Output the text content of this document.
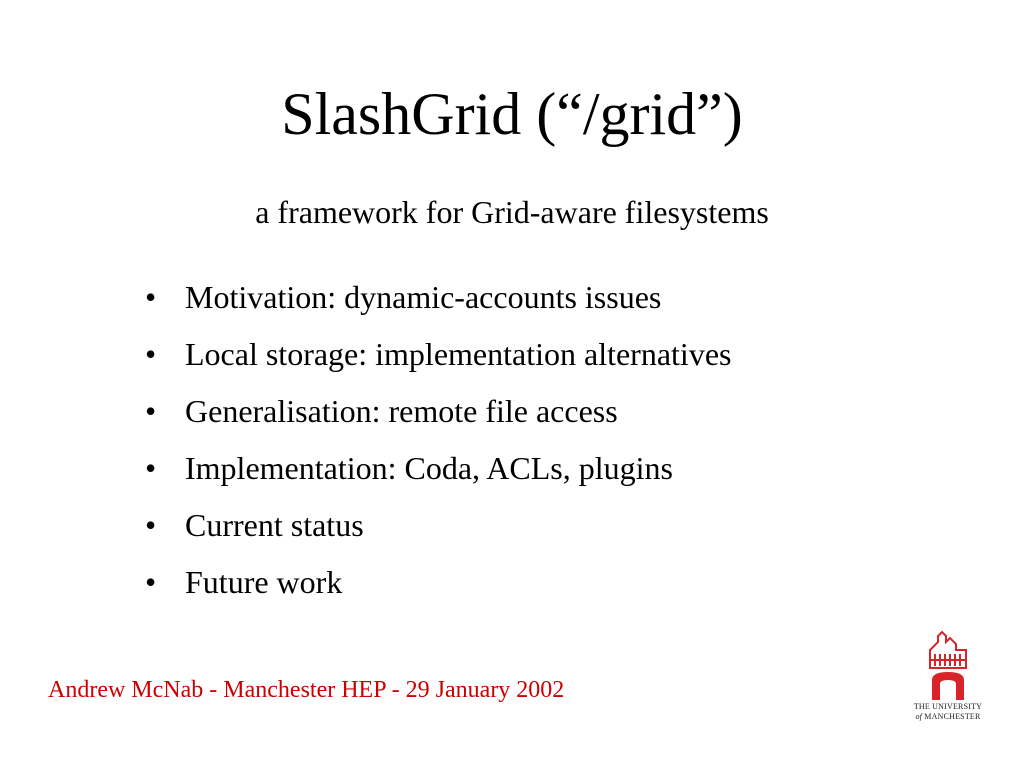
SlashGrid (“/grid”)
a framework for Grid-aware filesystems
• Motivation: dynamic-accounts issues
• Local storage: implementation alternatives
• Generalisation: remote file access
• Implementation: Coda, ACLs, plugins
• Current status
• Future work
Andrew McNab - Manchester HEP - 29 January 2002
THE UNIVERSITY
of MANCHESTER
